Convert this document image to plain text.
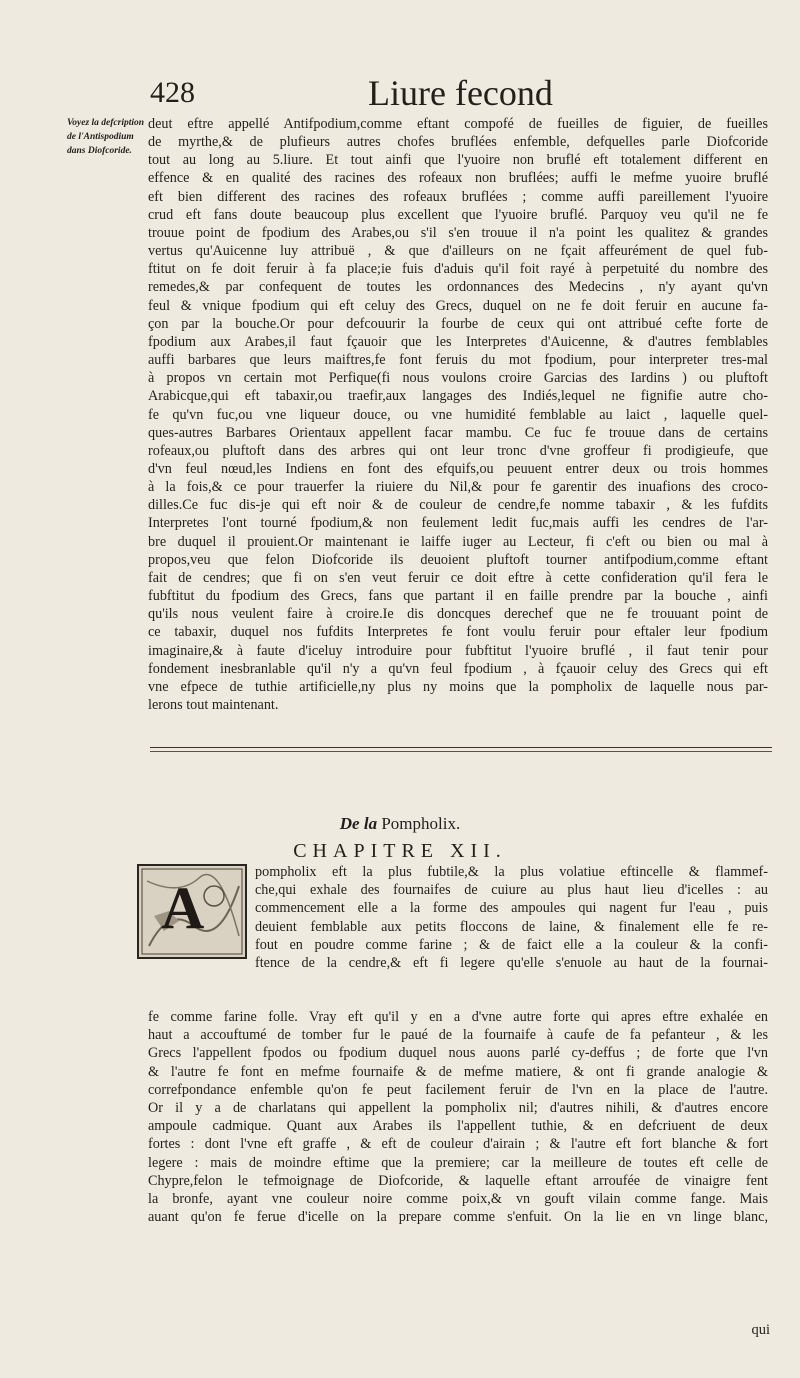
428	Liure fecond
Voyez la defcription de l'Antispodium dans Diofcoride.
deut eftre appellé Antifpodium,comme eftant compofé de fueilles de figuier, de fueilles
de myrthe,& de plufieurs autres chofes bruflées enfemble, defquelles parle Diofcoride
tout au long au 5.liure. Et tout ainfi que l'yuoire non bruflé eft totalement different en
effence & en qualité des racines des rofeaux non bruflées; auffi le mefme yuoire bruflé
eft bien different des racines des rofeaux bruflées ; comme auffi pareillement l'yuoire
crud eft fans doute beaucoup plus excellent que l'yuoire bruflé. Parquoy veu qu'il ne fe
trouue point de fpodium des Arabes,ou s'il s'en trouue il n'a point les qualitez & grandes
vertus qu'Auicenne luy attribuë , & que d'ailleurs on ne fçait affeurément de quel fub-
ftitut on fe doit feruir à fa place;ie fuis d'aduis qu'il foit rayé à perpetuité du nombre des
remedes,& par confequent de toutes les ordonnances des Medecins , n'y ayant qu'vn
feul & vnique fpodium qui eft celuy des Grecs, duquel on ne fe doit feruir en aucune fa-
çon par la bouche.Or pour defcouurir la fourbe de ceux qui ont attribué cefte forte de
fpodium aux Arabes,il faut fçauoir que les Interpretes d'Auicenne, & d'autres femblables
auffi barbares que leurs maiftres,fe font feruis du mot fpodium, pour interpreter tres-mal
à propos vn certain mot Perfique(fi nous voulons croire Garcias des Iardins ) ou pluftoft
Arabicque,qui eft tabaxir,ou traefir,aux langages des Indiés,lequel ne fignifie autre cho-
fe qu'vn fuc,ou vne liqueur douce, ou vne humidité femblable au laict , laquelle quel-
ques-autres Barbares Orientaux appellent facar mambu. Ce fuc fe trouue dans de certains
rofeaux,ou pluftoft dans des arbres qui ont leur tronc d'vne groffeur fi prodigieufe, que
d'vn feul nœud,les Indiens en font des efquifs,ou peuuent entrer deux ou trois hommes
à la fois,& ce pour trauerfer la riuiere du Nil,& pour fe garentir des inuafions des croco-
dilles.Ce fuc dis-je qui eft noir & de couleur de cendre,fe nomme tabaxir , & les fufdits
Interpretes l'ont tourné fpodium,& non feulement ledit fuc,mais auffi les cendres de l'ar-
bre duquel il prouient.Or maintenant ie laiffe iuger au Lecteur, fi c'eft ou bien ou mal à
propos,veu que felon Diofcoride ils deuoient pluftoft tourner antifpodium,comme eftant
fait de cendres; que fi on s'en veut feruir ce doit eftre à cette confideration qu'il fera le
fubftitut du fpodium des Grecs, fans que partant il en faille prendre par la bouche , ainfi
qu'ils nous veulent faire à croire.Ie dis doncques derechef que ne fe trouuant point de
ce tabaxir, duquel nos fufdits Interpretes fe font voulu feruir pour eftaler leur fpodium
imaginaire,& à faute d'iceluy introduire pour fubftitut l'yuoire bruflé , il faut tenir pour
fondement inesbranlable qu'il n'y a qu'vn feul fpodium , à fçauoir celuy des Grecs qui eft
vne efpece de tuthie artificielle,ny plus ny moins que la pompholix de laquelle nous par-
lerons tout maintenant.
De la Pompholix.
CHAPITRE XII.
A
pompholix eft la plus fubtile,& la plus volatiue eftincelle & flammef-
che,qui exhale des fournaifes de cuiure au plus haut lieu d'icelles : au
commencement elle a la forme des ampoules qui nagent fur l'eau , puis
deuient femblable aux petits floccons de laine, & finalement elle fe re-
fout en poudre comme farine ; & de faict elle a la couleur & la confi-
ftence de la cendre,& eft fi legere qu'elle s'enuole au haut de la fournai-
fe comme farine folle. Vray eft qu'il y en a d'vne autre forte qui apres eftre exhalée en
haut a accouftumé de tomber fur le paué de la fournaife à caufe de fa pefanteur , & les
Grecs l'appellent fpodos ou fpodium duquel nous auons parlé cy-deffus ; de forte que l'vn
& l'autre fe font en mefme fournaife & de mefme matiere, & ont fi grande analogie &
correfpondance enfemble qu'on fe peut facilement feruir de l'vn en la place de l'autre.
Or il y a de charlatans qui appellent la pompholix nil; d'autres nihili, & d'autres encore
ampoule cadmique. Quant aux Arabes ils l'appellent tuthie, & en defcriuent de deux
fortes : dont l'vne eft graffe , & eft de couleur d'airain ; & l'autre eft fort blanche & fort
legere : mais de moindre eftime que la premiere; car la meilleure de toutes eft celle de
Chypre,felon le tefmoignage de Diofcoride, & laquelle eftant arroufée de vinaigre fent
la bronfe, ayant vne couleur noire comme poix,& vn gouft vilain comme fange. Mais
auant qu'on fe ferue d'icelle on la prepare comme s'enfuit. On la lie en vn linge blanc,
qui
